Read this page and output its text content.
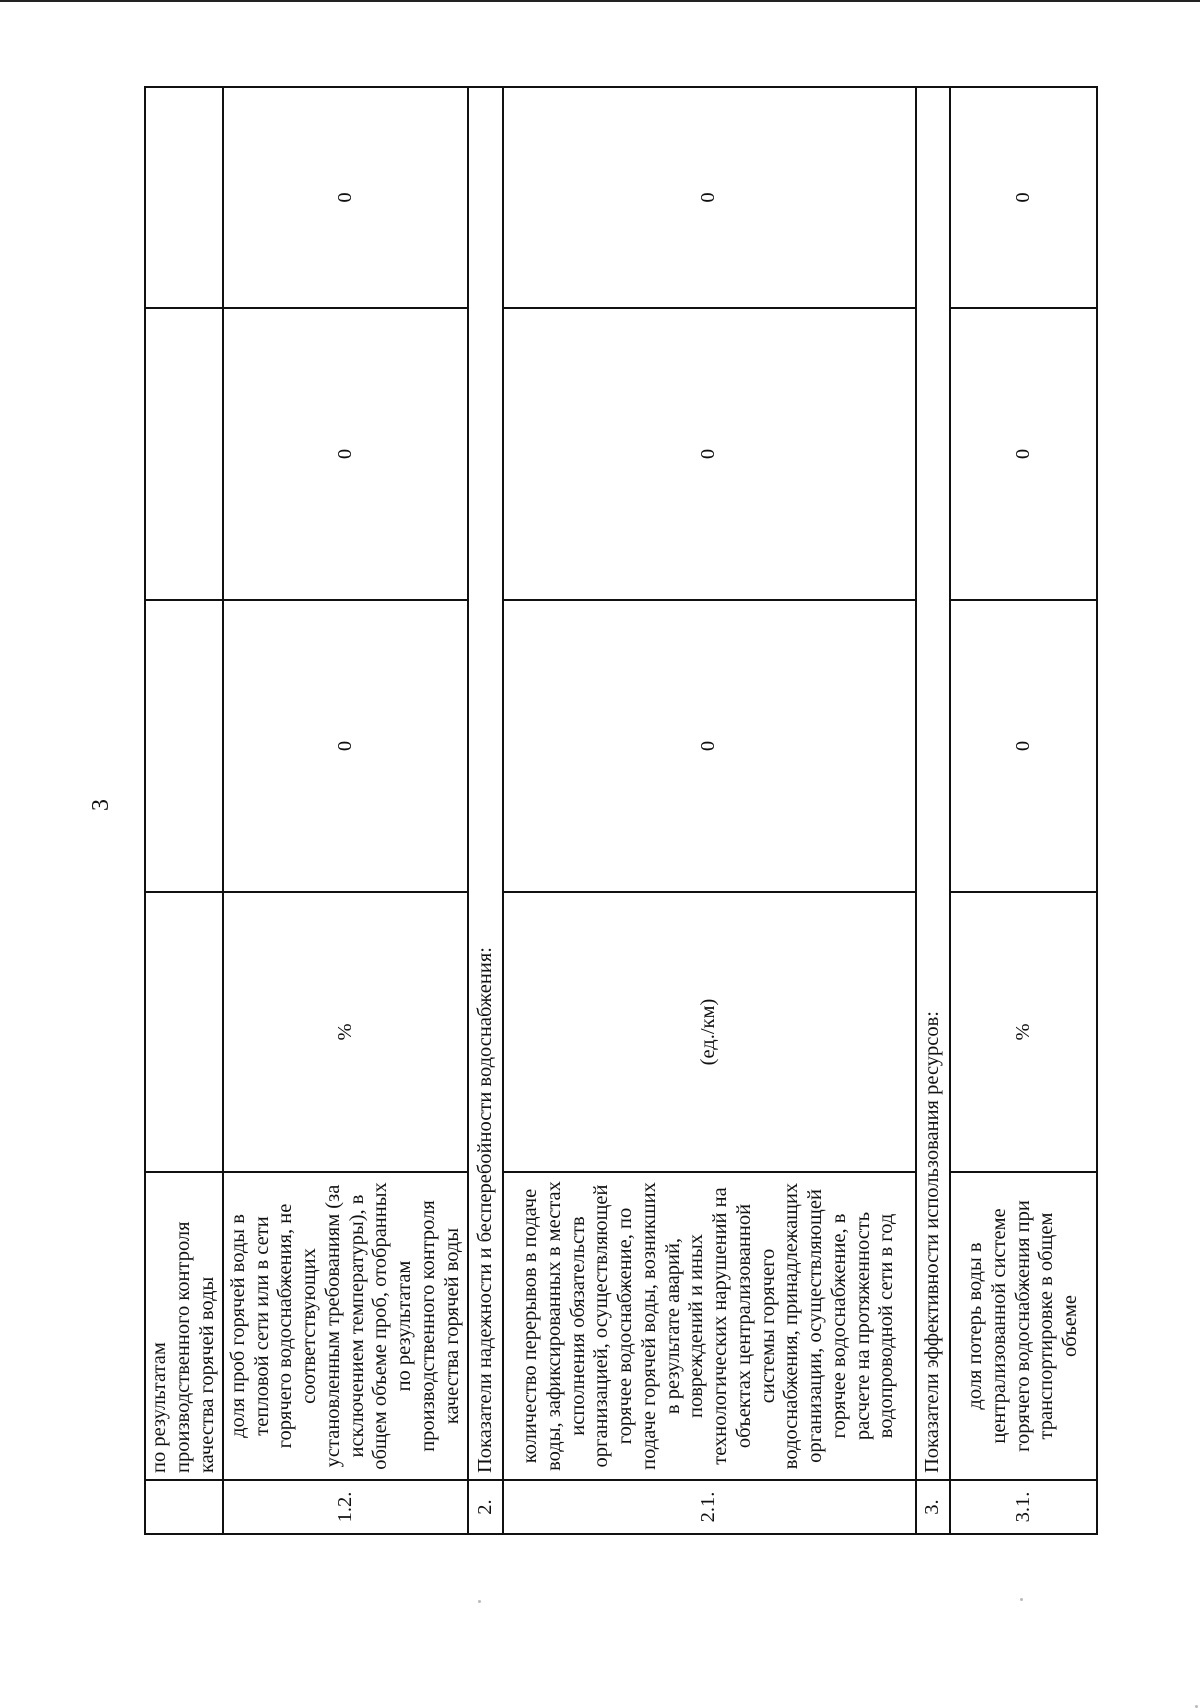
3
	по результатам производственного контроля качества горячей воды				
1.2.	доля проб горячей воды в тепловой сети или в сети горячего водоснабжения, не соответствующих установленным требованиям (за исключением температуры), в общем объеме проб, отобранных по результатам производственного контроля качества горячей воды	%	0	0	0
2.	Показатели надежности и бесперебойности водоснабжения:				
2.1.	количество перерывов в подаче воды, зафиксированных в местах исполнения обязательств организацией, осуществляющей горячее водоснабжение, по подаче горячей воды, возникших в результате аварий, повреждений и иных технологических нарушений на объектах централизованной системы горячего водоснабжения, принадлежащих организации, осуществляющей горячее водоснабжение, в расчете на протяженность водопроводной сети в год	(ед./км)	0	0	0
3.	Показатели эффективности использования ресурсов:				
3.1.	доля потерь воды в централизованной системе горячего водоснабжения при транспортировке в общем объеме	%	0	0	0
